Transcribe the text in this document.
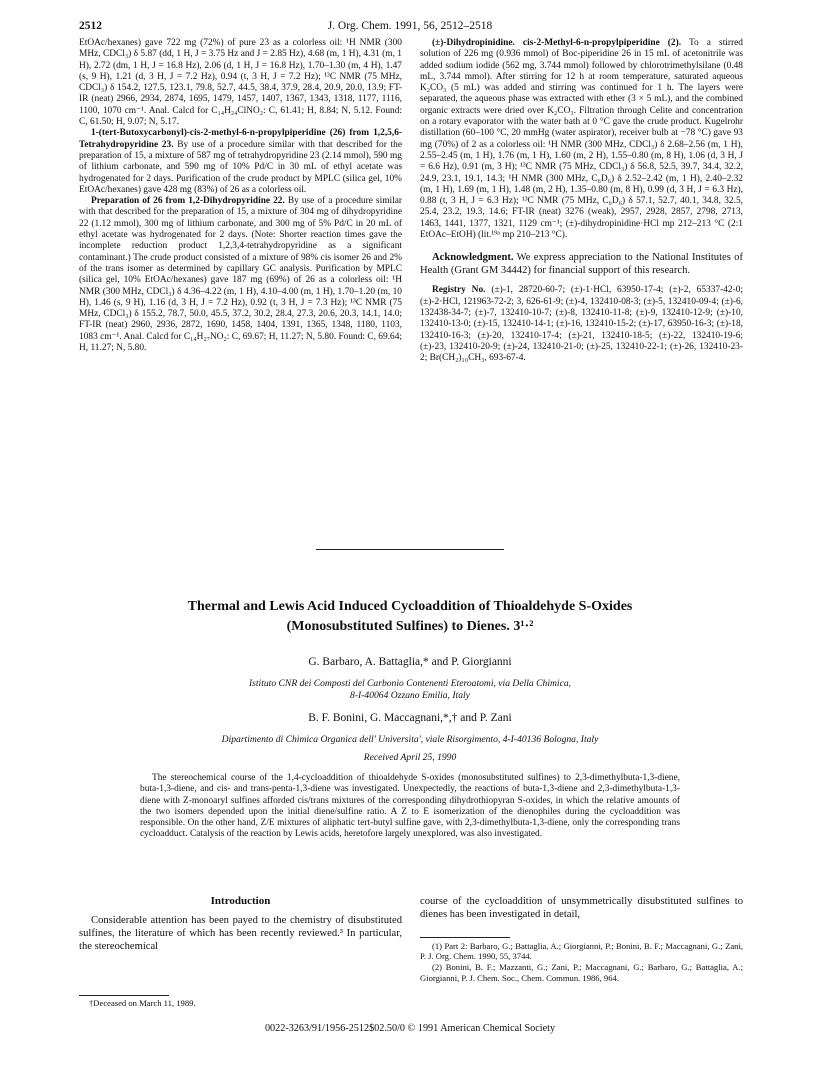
2512	J. Org. Chem. 1991, 56, 2512–2518

EtOAc/hexanes) gave 722 mg (72%) of pure 23 as a colorless oil: ¹H NMR (300 MHz, CDCl₃) δ 5.87 (dd, 1 H, J = 3.75 Hz and J = 2.85 Hz), 4.68 (m, 1 H), 4.31 (m, 1 H), 2.72 (dm, 1 H, J = 16.8 Hz), 2.06 (d, 1 H, J = 16.8 Hz), 1.70–1.30 (m, 4 H), 1.47 (s, 9 H), 1.21 (d, 3 H, J = 7.2 Hz), 0.94 (t, 3 H, J = 7.2 Hz); ¹³C NMR (75 MHz, CDCl₃) δ 154.2, 127.5, 123.1, 79.8, 52.7, 44.5, 38.4, 37.9, 28.4, 20.9, 20.0, 13.9; FT-IR (neat) 2966, 2934, 2874, 1695, 1479, 1457, 1407, 1367, 1343, 1318, 1177, 1116, 1100, 1070 cm⁻¹. Anal. Calcd for C₁₄H₂₄ClNO₂: C, 61.41; H, 8.84; N, 5.12. Found: C, 61.50; H, 9.07; N, 5.17.

1-(tert-Butoxycarbonyl)-cis-2-methyl-6-n-propylpiperidine (26) from 1,2,5,6-Tetrahydropyridine 23. By use of a procedure similar with that described for the preparation of 15, a mixture of 587 mg of tetrahydropyridine 23 (2.14 mmol), 590 mg of lithium carbonate, and 590 mg of 10% Pd/C in 30 mL of ethyl acetate was hydrogenated for 2 days. Purification of the crude product by MPLC (silica gel, 10% EtOAc/hexanes) gave 428 mg (83%) of 26 as a colorless oil.

Preparation of 26 from 1,2-Dihydropyridine 22. By use of a procedure similar with that described for the preparation of 15, a mixture of 304 mg of dihydropyridine 22 (1.12 mmol), 300 mg of lithium carbonate, and 300 mg of 5% Pd/C in 20 mL of ethyl acetate was hydrogenated for 2 days. (Note: Shorter reaction times gave the incomplete reduction product 1,2,3,4-tetrahydropyridine as a significant contaminant.) The crude product consisted of a mixture of 98% cis isomer 26 and 2% of the trans isomer as determined by capillary GC analysis. Purification by MPLC (silica gel, 10% EtOAc/hexanes) gave 187 mg (69%) of 26 as a colorless oil: ¹H NMR (300 MHz, CDCl₃) δ 4.36–4.22 (m, 1 H), 4.10–4.00 (m, 1 H), 1.70–1.20 (m, 10 H), 1.46 (s, 9 H), 1.16 (d, 3 H, J = 7.2 Hz), 0.92 (t, 3 H, J = 7.3 Hz); ¹³C NMR (75 MHz, CDCl₃) δ 155.2, 78.7, 50.0, 45.5, 37.2, 30.2, 28.4, 27.3, 20.6, 20.3, 14.1, 14.0; FT-IR (neat) 2960, 2936, 2872, 1690, 1458, 1404, 1391, 1365, 1348, 1180, 1103, 1083 cm⁻¹. Anal. Calcd for C₁₄H₂₇NO₂: C, 69.67; H, 11.27; N, 5.80. Found: C, 69.64; H, 11.27; N, 5.80.

(±)-Dihydropinidine. cis-2-Methyl-6-n-propylpiperidine (2). To a stirred solution of 226 mg (0.936 mmol) of Boc-piperidine 26 in 15 mL of acetonitrile was added sodium iodide (562 mg, 3.744 mmol) followed by chlorotrimethylsilane (0.48 mL, 3.744 mmol). After stirring for 12 h at room temperature, saturated aqueous K₂CO₃ (5 mL) was added and stirring was continued for 1 h. The layers were separated, the aqueous phase was extracted with ether (3 × 5 mL), and the combined organic extracts were dried over K₂CO₃. Filtration through Celite and concentration on a rotary evaporator with the water bath at 0 °C gave the crude product. Kugelrohr distillation (60–100 °C, 20 mmHg (water aspirator), receiver bulb at −78 °C) gave 93 mg (70%) of 2 as a colorless oil: ¹H NMR (300 MHz, CDCl₃) δ 2.68–2.56 (m, 1 H), 2.55–2.45 (m, 1 H), 1.76 (m, 1 H), 1.60 (m, 2 H), 1.55–0.80 (m, 8 H), 1.06 (d, 3 H, J = 6.6 Hz), 0.91 (m, 3 H); ¹³C NMR (75 MHz, CDCl₃) δ 56.8, 52.5, 39.7, 34.4, 32.2, 24.9, 23.1, 19.1, 14.3; ¹H NMR (300 MHz, C₆D₆) δ 2.52–2.42 (m, 1 H), 2.40–2.32 (m, 1 H), 1.69 (m, 1 H), 1.48 (m, 2 H), 1.35–0.80 (m, 8 H), 0.99 (d, 3 H, J = 6.3 Hz), 0.88 (t, 3 H, J = 6.3 Hz); ¹³C NMR (75 MHz, C₆D₆) δ 57.1, 52.7, 40.1, 34.8, 32.5, 25.4, 23.2, 19.3, 14.6; FT-IR (neat) 3276 (weak), 2957, 2928, 2857, 2798, 2713, 1463, 1441, 1377, 1321, 1129 cm⁻¹; (±)-dihydropinidine·HCl mp 212–213 °C (2:1 EtOAc–EtOH) (lit.¹⁹ᵃ mp 210–213 °C).

Acknowledgment. We express appreciation to the National Institutes of Health (Grant GM 34442) for financial support of this research.

Registry No. (±)-1, 28720-60-7; (±)-1·HCl, 63950-17-4; (±)-2, 65337-42-0; (±)-2·HCl, 121963-72-2; 3, 626-61-9; (±)-4, 132410-08-3; (±)-5, 132410-09-4; (±)-6, 132438-34-7; (±)-7, 132410-10-7; (±)-8, 132410-11-8; (±)-9, 132410-12-9; (±)-10, 132410-13-0; (±)-15, 132410-14-1; (±)-16, 132410-15-2; (±)-17, 63950-16-3; (±)-18, 132410-16-3; (±)-20, 132410-17-4; (±)-21, 132410-18-5; (±)-22, 132410-19-6; (±)-23, 132410-20-9; (±)-24, 132410-21-0; (±)-25, 132410-22-1; (±)-26, 132410-23-2; Br(CH₂)₁₀CH₃, 693-67-4.

Thermal and Lewis Acid Induced Cycloaddition of Thioaldehyde S-Oxides
(Monosubstituted Sulfines) to Dienes. 3¹·²
G. Barbaro, A. Battaglia,* and P. Giorgianni
Istituto CNR dei Composti del Carbonio Contenenti Eteroatomi, via Della Chimica,
8-I-40064 Ozzano Emilia, Italy
B. F. Bonini, G. Maccagnani,*,† and P. Zani
Dipartimento di Chimica Organica dell' Universita', viale Risorgimento, 4-I-40136 Bologna, Italy
Received April 25, 1990

The stereochemical course of the 1,4-cycloaddition of thioaldehyde S-oxides (monosubstituted sulfines) to 2,3-dimethylbuta-1,3-diene, buta-1,3-diene, and cis- and trans-penta-1,3-diene was investigated. Unexpectedly, the reactions of buta-1,3-diene and 2,3-dimethylbuta-1,3-diene with Z-monoaryl sulfines afforded cis/trans mixtures of the corresponding dihydrothiopyran S-oxides, in which the relative amounts of the two isomers depended upon the initial diene/sulfine ratio. A Z to E isomerization of the dienophiles during the cycloaddition was responsible. On the other hand, Z/E mixtures of aliphatic tert-butyl sulfine gave, with 2,3-dimethylbuta-1,3-diene, only the corresponding trans cycloadduct. Catalysis of the reaction by Lewis acids, heretofore largely unexplored, was also investigated.

Introduction

Considerable attention has been payed to the chemistry of disubstituted sulfines, the literature of which has been recently reviewed.³ In particular, the stereochemical

course of the cycloaddition of unsymmetrically disubstituted sulfines to dienes has been investigated in detail,

(1) Part 2: Barbaro, G.; Battaglia, A.; Giorgianni, P.; Bonini, B. F.; Maccagnani, G.; Zani, P. J. Org. Chem. 1990, 55, 3744.

(2) Bonini, B. F.; Mazzanti, G.; Zani, P.; Maccagnani, G.; Barbaro, G.; Battaglia, A.; Giorgianni, P. J. Chem. Soc., Chem. Commun. 1986, 964.

†Deceased on March 11, 1989.
0022-3263/91/1956-2512$02.50/0 © 1991 American Chemical Society
